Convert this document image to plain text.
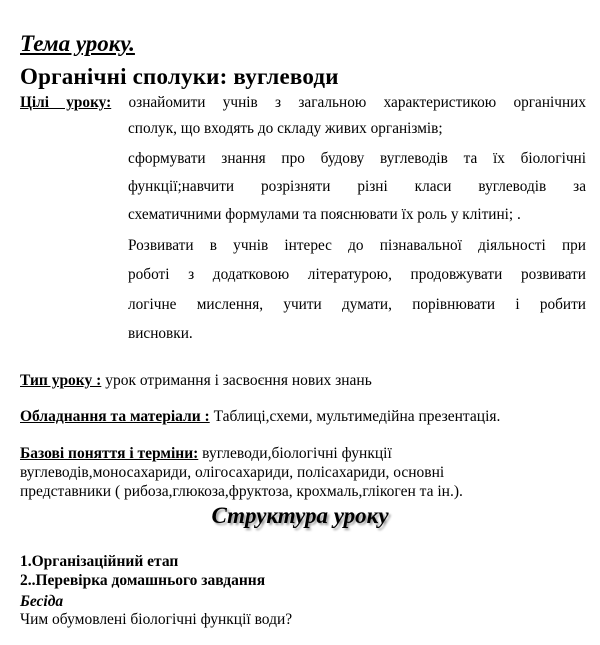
Тема уроку.
Органічні сполуки: вуглеводи
Цілі уроку: ознайомити учнів з загальною характеристикою органічних
сполук, що входять до складу живих організмів;
сформувати знання про будову вуглеводів та їх біологічні
функції;навчити розрізняти різні класи вуглеводів за
схематичними формулами та пояснювати їх роль у клітині; .
Розвивати в учнів інтерес до пізнавальної діяльності при
роботі з додатковою літературою, продовжувати розвивати
логічне мислення, учити думати, порівнювати і робити
висновки.
Тип уроку : урок отримання і засвоєння нових знань
Обладнання та матеріали : Таблиці,схеми, мультимедійна презентація.
Базові поняття і терміни: вуглеводи,біологічні функції
вуглеводів,моносахариди, олігосахариди, полісахариди, основні
представники ( рибоза,глюкоза,фруктоза, крохмаль,глікоген та ін.).
Структура уроку
1.Організаційний етап
2..Перевірка домашнього завдання
Бесіда
Чим обумовлені біологічні функції води?
